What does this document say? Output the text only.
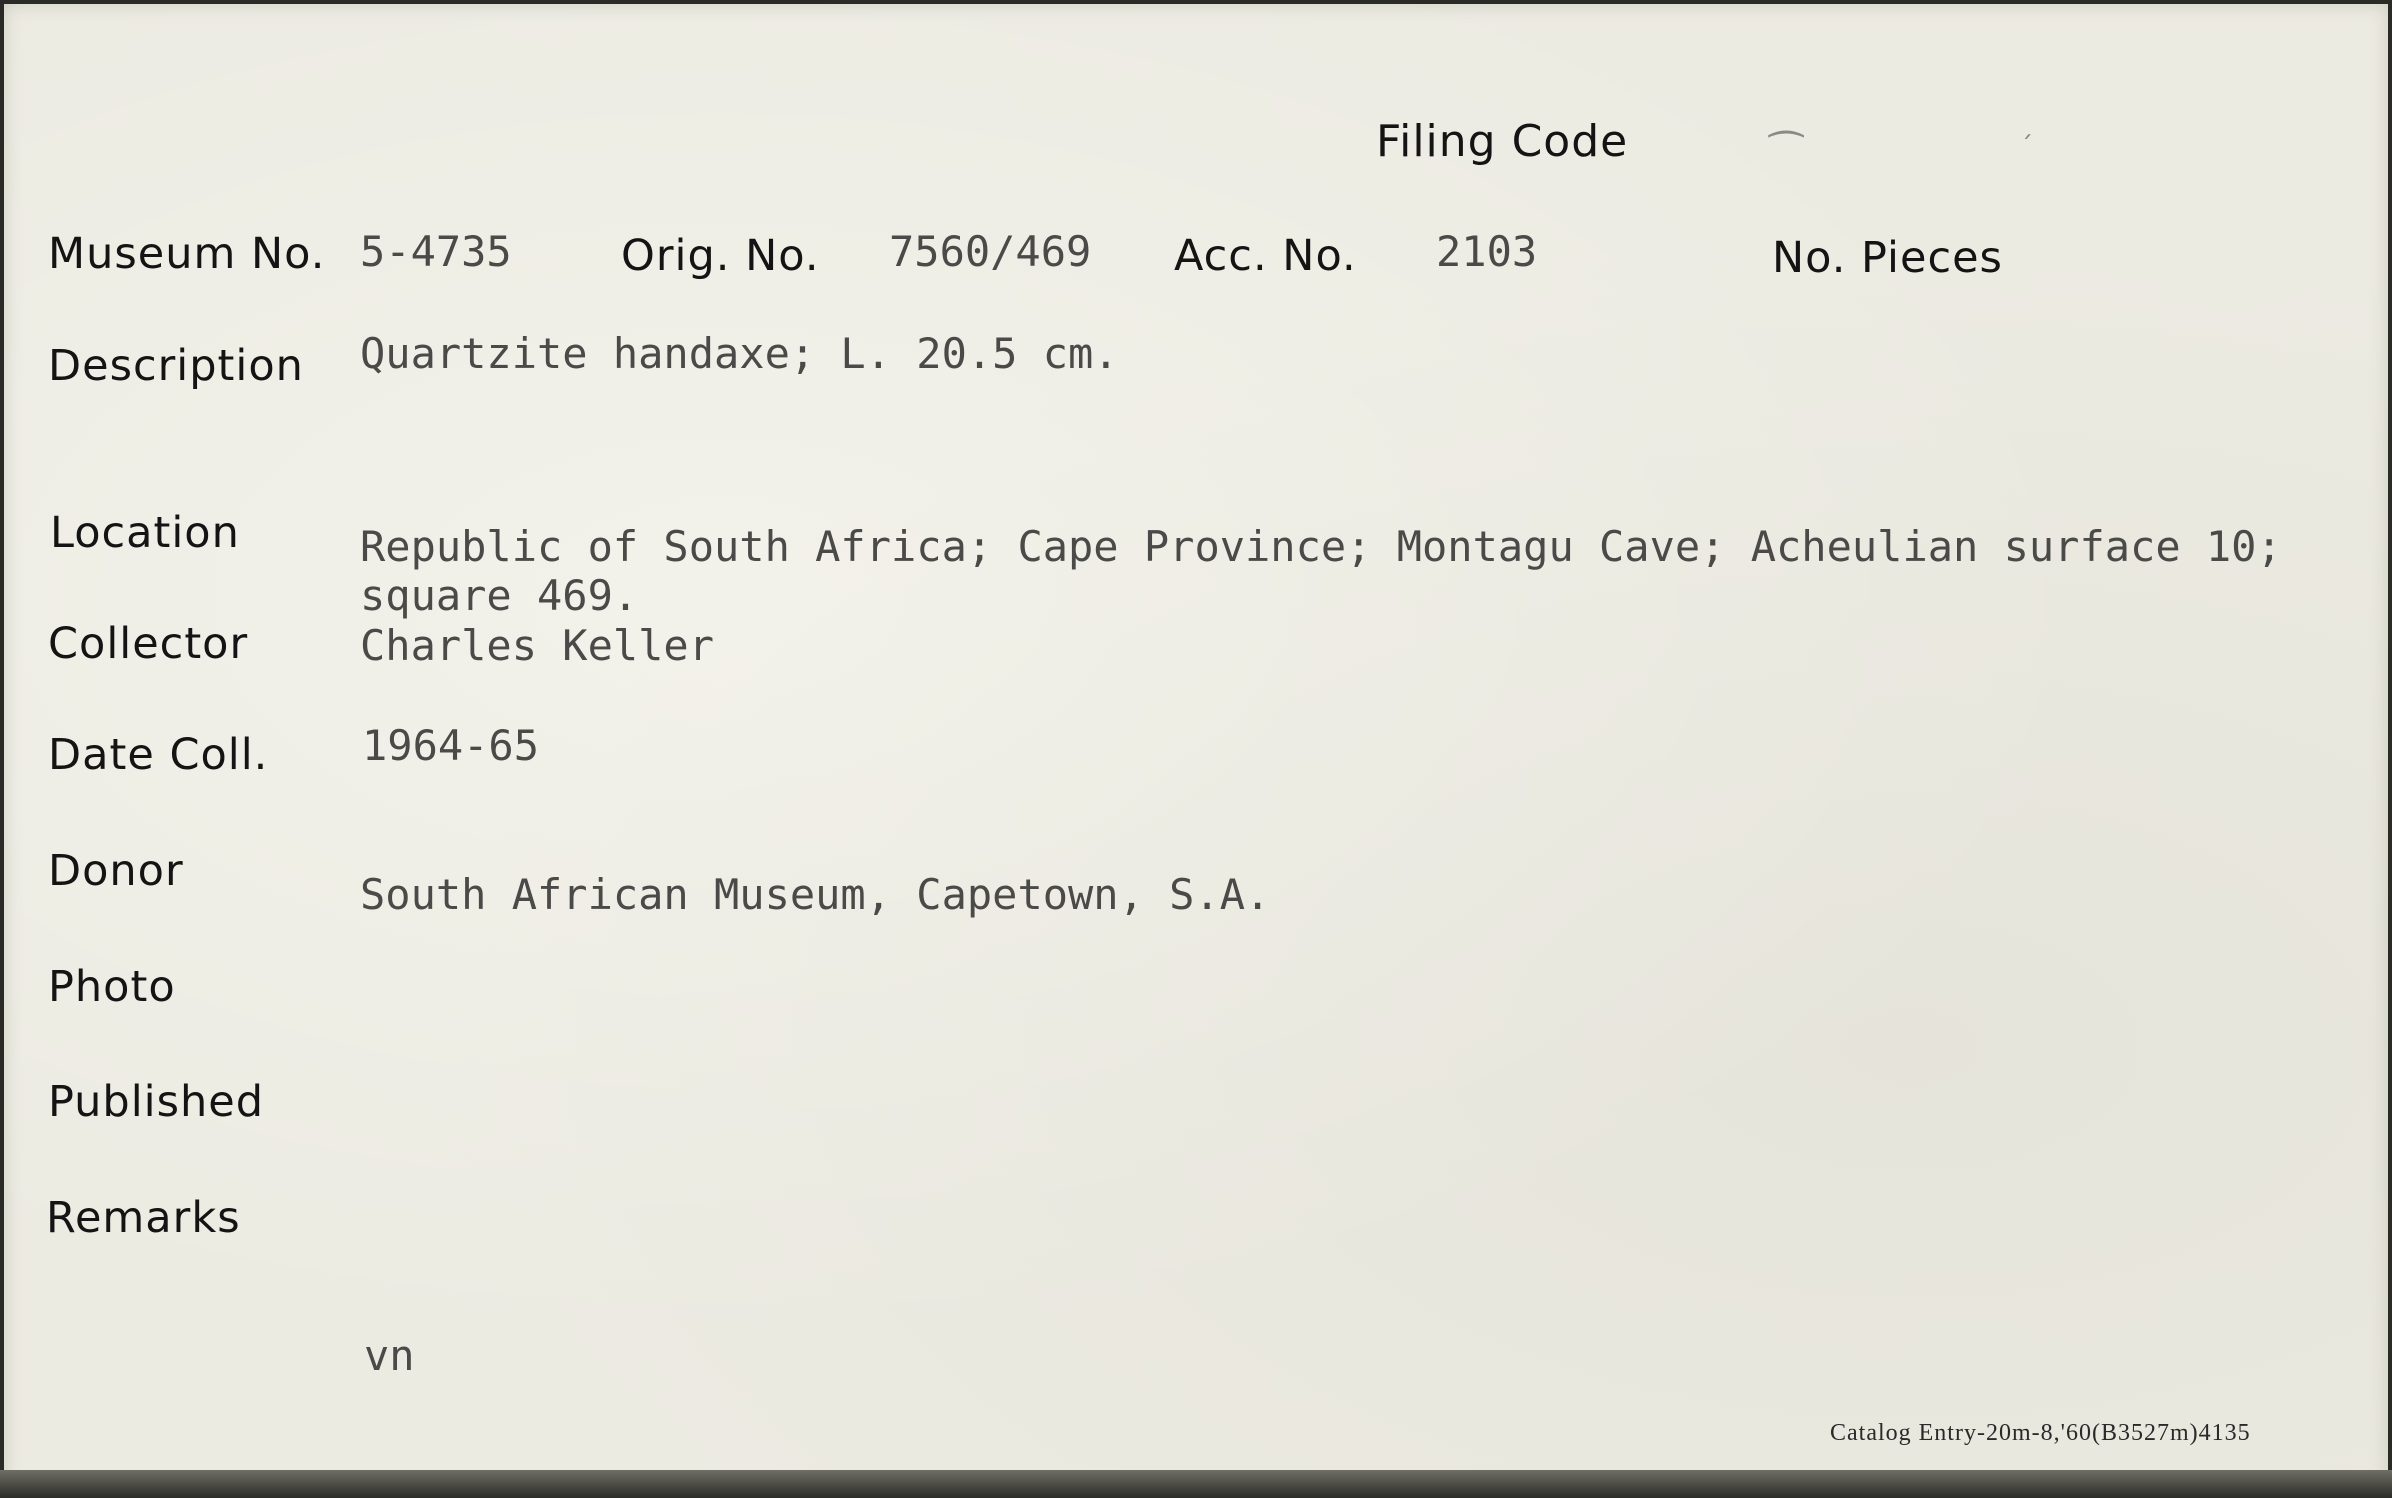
Filing Code
Museum No. 5-4735	Orig. No. 7560/469 Acc. No. 2103	No. Pieces
Description Quartzite handaxe; L. 20.5 cm.
Location	Republic of South Africa; Cape Province; Montagu Cave; Acheulian surface 10;
square 469.
Collector	Charles Keller
Date Coll. 1964-65
Donor	South African Museum, Capetown, S.A.
Photo
Published
Remarks
vn
Catalog Entry-20m-8,'60(B3527m)4135
⁀	´
